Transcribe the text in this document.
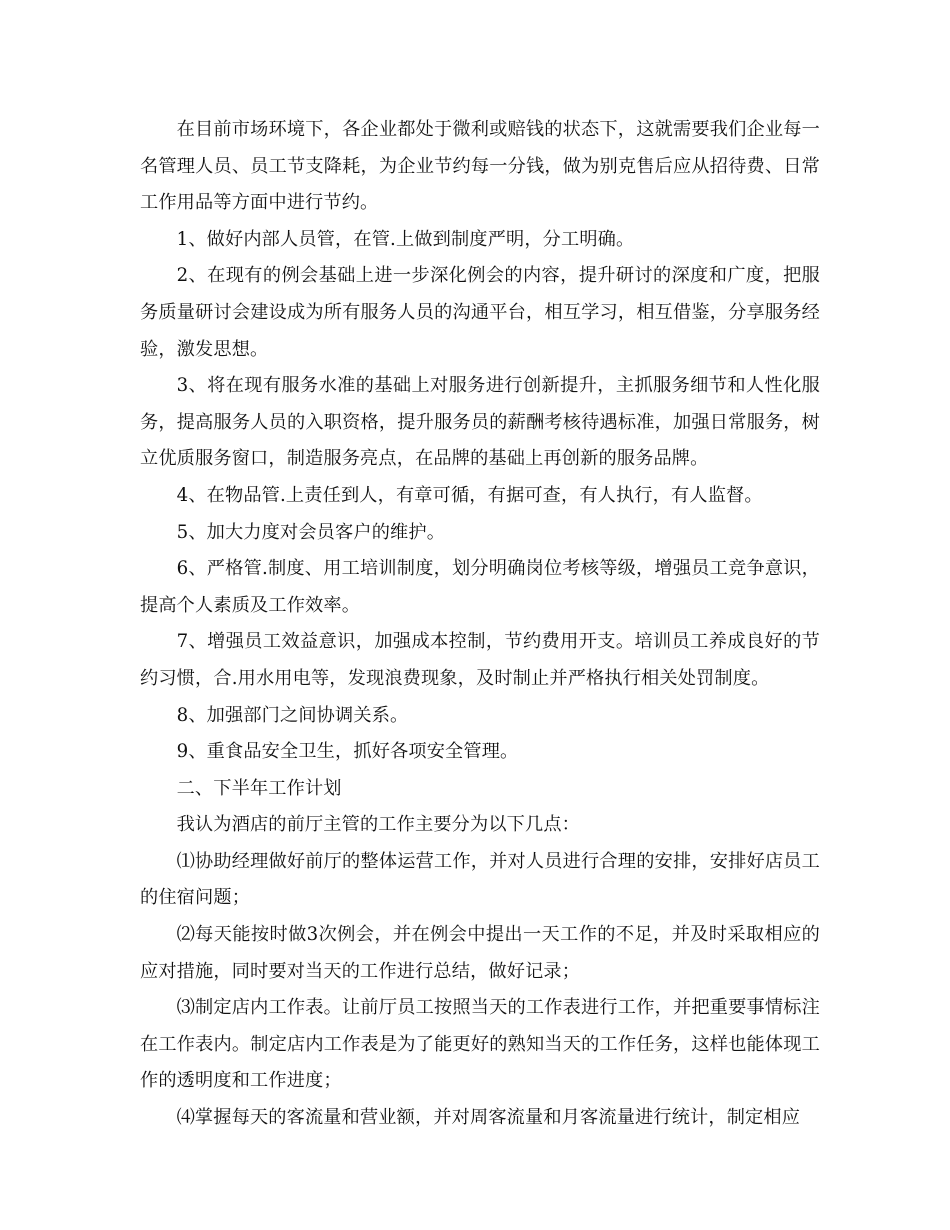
在目前市场环境下，各企业都处于微利或赔钱的状态下，这就需要我们企业每一名管理人员、员工节支降耗，为企业节约每一分钱，做为别克售后应从招待费、日常工作用品等方面中进行节约。

1、做好内部人员管，在管.上做到制度严明，分工明确。

2、在现有的例会基础上进一步深化例会的内容，提升研讨的深度和广度，把服务质量研讨会建设成为所有服务人员的沟通平台，相互学习，相互借鉴，分享服务经验，激发思想。

3、将在现有服务水准的基础上对服务进行创新提升，主抓服务细节和人性化服务，提高服务人员的入职资格，提升服务员的薪酬考核待遇标准，加强日常服务，树立优质服务窗口，制造服务亮点，在品牌的基础上再创新的服务品牌。

4、在物品管.上责任到人，有章可循，有据可查，有人执行，有人监督。

5、加大力度对会员客户的维护。

6、严格管.制度、用工培训制度，划分明确岗位考核等级，增强员工竞争意识，提高个人素质及工作效率。

7、增强员工效益意识，加强成本控制，节约费用开支。培训员工养成良好的节约习惯，合.用水用电等，发现浪费现象，及时制止并严格执行相关处罚制度。

8、加强部门之间协调关系。

9、重食品安全卫生，抓好各项安全管理。

二、下半年工作计划

我认为酒店的前厅主管的工作主要分为以下几点：

⑴协助经理做好前厅的整体运营工作，并对人员进行合理的安排，安排好店员工的住宿问题；

⑵每天能按时做3次例会，并在例会中提出一天工作的不足，并及时采取相应的应对措施，同时要对当天的工作进行总结，做好记录；

⑶制定店内工作表。让前厅员工按照当天的工作表进行工作，并把重要事情标注在工作表内。制定店内工作表是为了能更好的熟知当天的工作任务，这样也能体现工作的透明度和工作进度；

⑷掌握每天的客流量和营业额，并对周客流量和月客流量进行统计，制定相应
